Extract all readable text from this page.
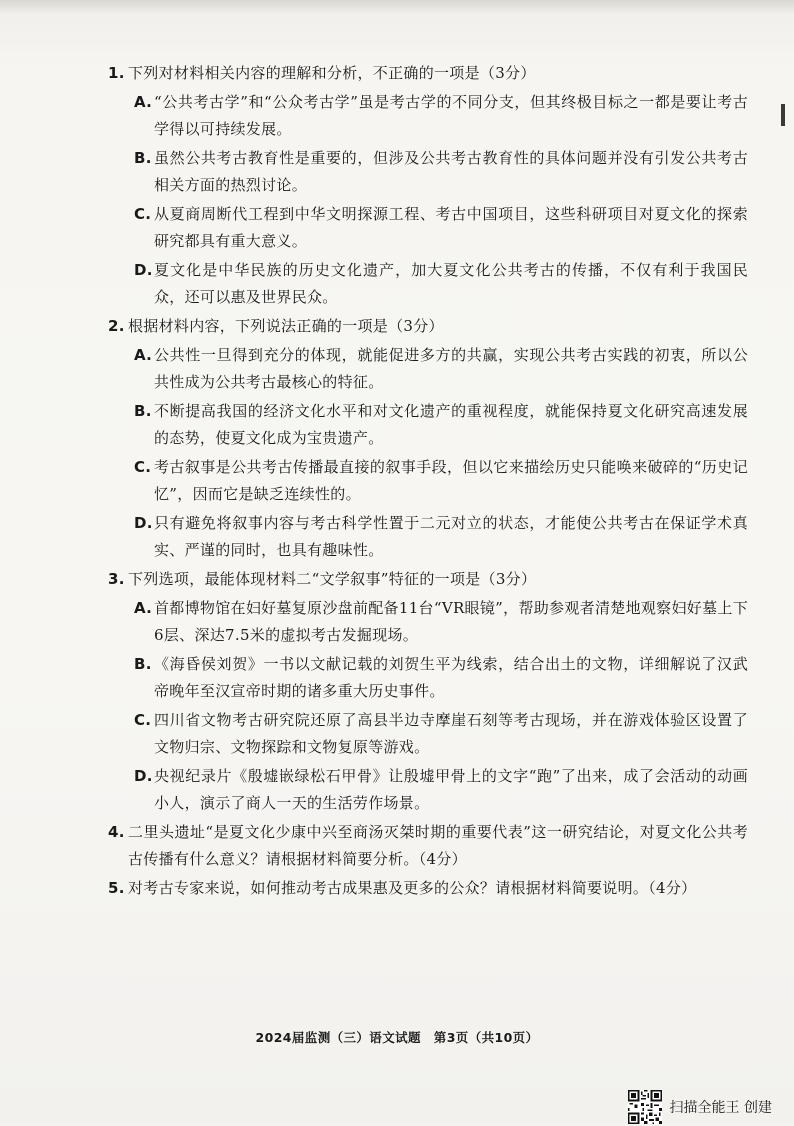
1. 下列对材料相关内容的理解和分析，不正确的一项是（3分）
A. “公共考古学”和“公众考古学”虽是考古学的不同分支，但其终极目标之一都是要让考古学得以可持续发展。
B. 虽然公共考古教育性是重要的，但涉及公共考古教育性的具体问题并没有引发公共考古相关方面的热烈讨论。
C. 从夏商周断代工程到中华文明探源工程、考古中国项目，这些科研项目对夏文化的探索研究都具有重大意义。
D. 夏文化是中华民族的历史文化遗产，加大夏文化公共考古的传播，不仅有利于我国民众，还可以惠及世界民众。
2. 根据材料内容，下列说法正确的一项是（3分）
A. 公共性一旦得到充分的体现，就能促进多方的共赢，实现公共考古实践的初衷，所以公共性成为公共考古最核心的特征。
B. 不断提高我国的经济文化水平和对文化遗产的重视程度，就能保持夏文化研究高速发展的态势，使夏文化成为宝贵遗产。
C. 考古叙事是公共考古传播最直接的叙事手段，但以它来描绘历史只能唤来破碎的“历史记忆”，因而它是缺乏连续性的。
D. 只有避免将叙事内容与考古科学性置于二元对立的状态，才能使公共考古在保证学术真实、严谨的同时，也具有趣味性。
3. 下列选项，最能体现材料二“文学叙事”特征的一项是（3分）
A. 首都博物馆在妇好墓复原沙盘前配备11台“VR眼镜”，帮助参观者清楚地观察妇好墓上下6层、深达7.5米的虚拟考古发掘现场。
B. 《海昏侯刘贺》一书以文献记载的刘贺生平为线索，结合出土的文物，详细解说了汉武帝晚年至汉宣帝时期的诸多重大历史事件。
C. 四川省文物考古研究院还原了高县半边寺摩崖石刻等考古现场，并在游戏体验区设置了文物归宗、文物探踪和文物复原等游戏。
D. 央视纪录片《殷墟嵌绿松石甲骨》让殷墟甲骨上的文字“跑”了出来，成了会活动的动画小人，演示了商人一天的生活劳作场景。
4. 二里头遗址“是夏文化少康中兴至商汤灭桀时期的重要代表”这一研究结论，对夏文化公共考古传播有什么意义？请根据材料简要分析。（4分）
5. 对考古专家来说，如何推动考古成果惠及更多的公众？请根据材料简要说明。（4分）
2024届监测（三）语文试题　第3页（共10页）
扫描全能王 创建
